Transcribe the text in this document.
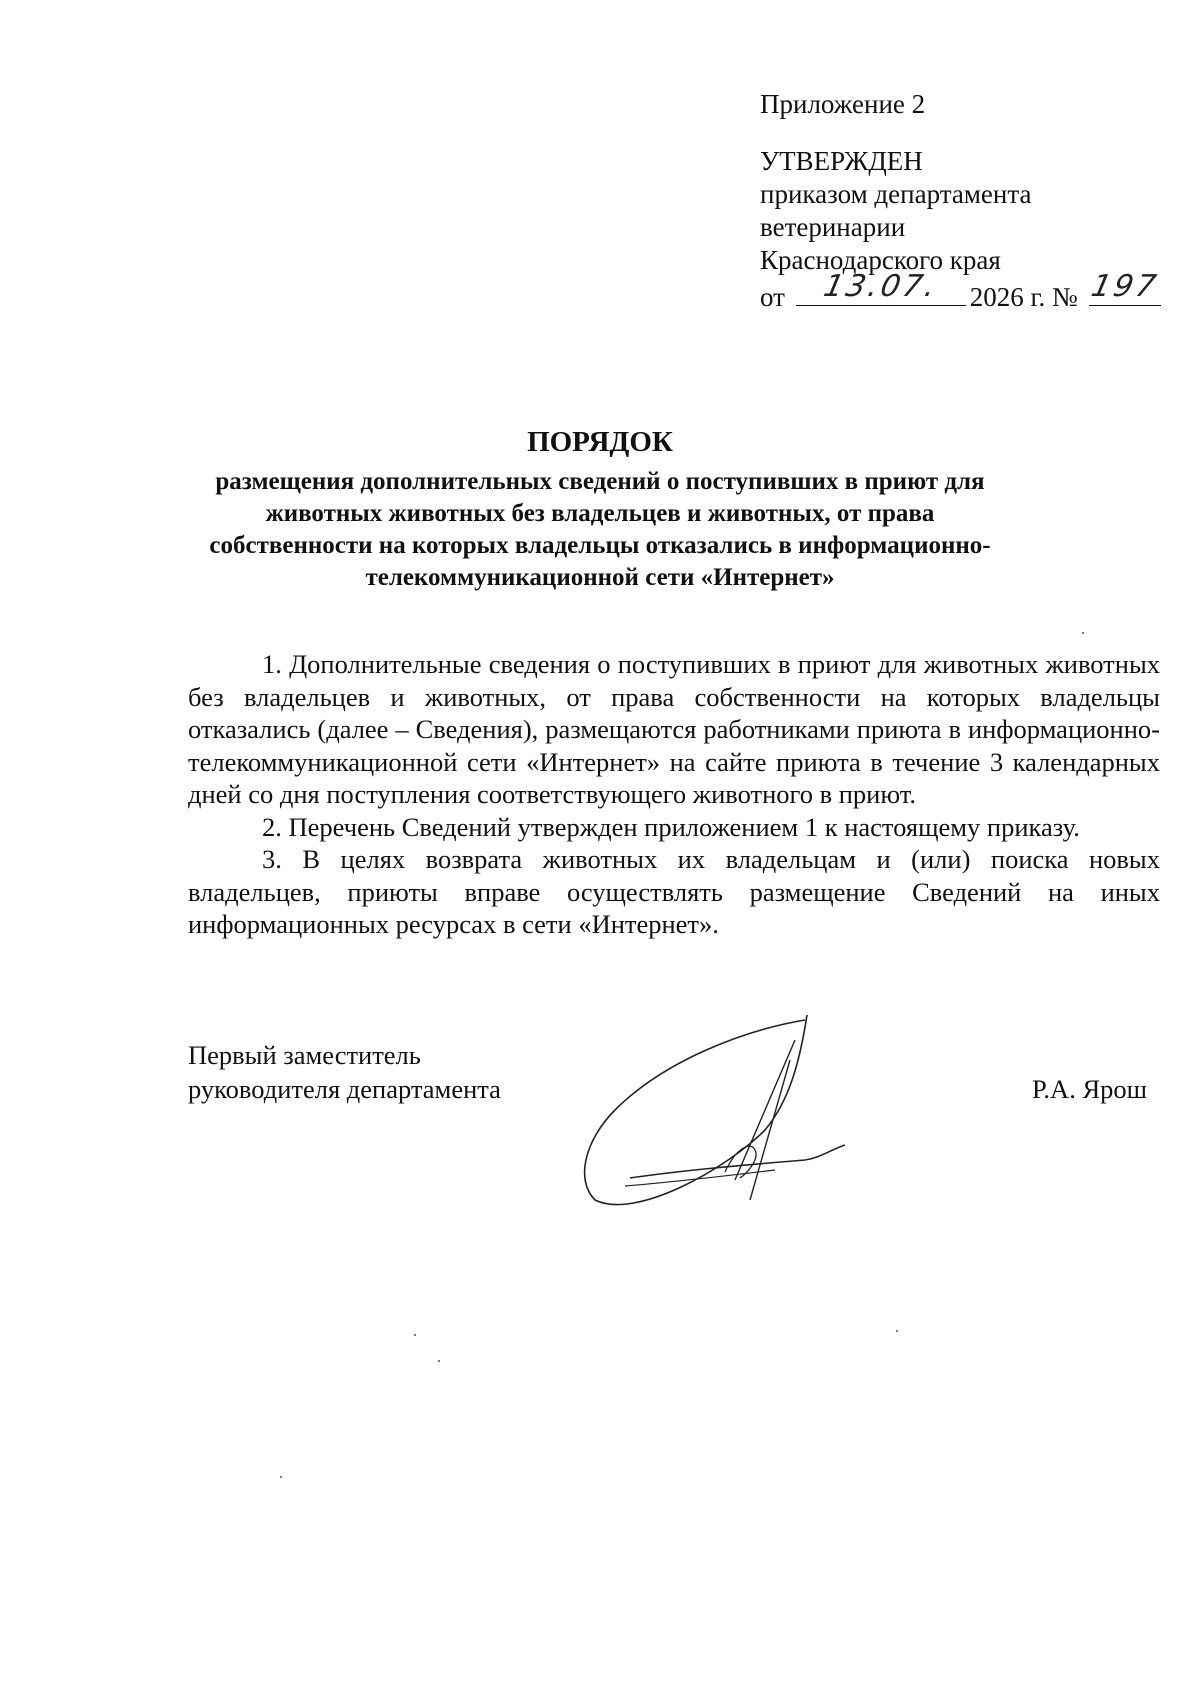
Приложение 2
УТВЕРЖДЕН
приказом департамента
ветеринарии
Краснодарского края
от	13.07.	2026 г. № 197
ПОРЯДОК
размещения дополнительных сведений о поступивших в приют для животных животных без владельцев и животных, от права собственности на которых владельцы отказались в информационно-телекоммуникационной сети «Интернет»

1. Дополнительные сведения о поступивших в приют для животных животных без владельцев и животных, от права собственности на которых владельцы отказались (далее – Сведения), размещаются работниками приюта в информационно-телекоммуникационной сети «Интернет» на сайте приюта в течение 3 календарных дней со дня поступления соответствующего животного в приют.

2. Перечень Сведений утвержден приложением 1 к настоящему приказу.

3. В целях возврата животных их владельцам и (или) поиска новых владельцев, приюты вправе осуществлять размещение Сведений на иных информационных ресурсах в сети «Интернет».

Первый заместитель
руководителя департамента	Р.А. Ярош
